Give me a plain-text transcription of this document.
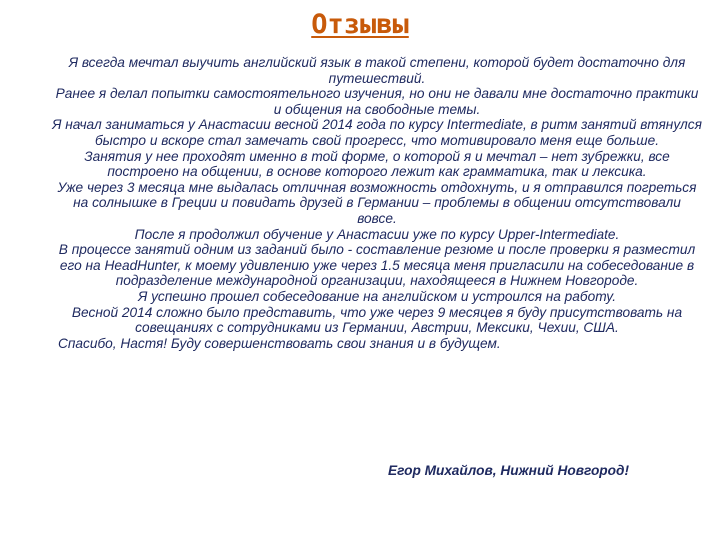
Отзывы

Я всегда мечтал выучить английский язык в такой степени, которой будет достаточно для путешествий.

Ранее я делал попытки самостоятельного изучения, но они не давали мне достаточно практики и общения на свободные темы.

Я начал заниматься у Анастасии весной 2014 года по курсу Intermediate, в ритм занятий втянулся быстро и вскоре стал замечать свой прогресс, что мотивировало меня еще больше.

Занятия у нее проходят именно в той форме, о которой я и мечтал – нет зубрежки, все построено на общении, в основе которого лежит как грамматика, так и лексика.

Уже через 3 месяца мне выдалась отличная возможность отдохнуть, и я отправился погреться на солнышке в Греции и повидать друзей в Германии – проблемы в общении отсутствовали вовсе.

После я продолжил обучение у Анастасии уже по курсу Upper-Intermediate.

В процессе занятий одним из заданий было - составление резюме и после проверки я разместил его на HeadHunter, к моему удивлению уже через 1.5 месяца меня пригласили на собеседование в подразделение международной организации, находящееся в Нижнем Новгороде.

Я успешно прошел собеседование на английском и устроился на работу.

Весной 2014 сложно было представить, что уже через 9 месяцев я буду присутствовать на совещаниях с сотрудниками из Германии, Австрии, Мексики, Чехии, США.

Спасибо, Настя! Буду совершенствовать свои знания и в будущем.

Егор Михайлов, Нижний Новгород!
